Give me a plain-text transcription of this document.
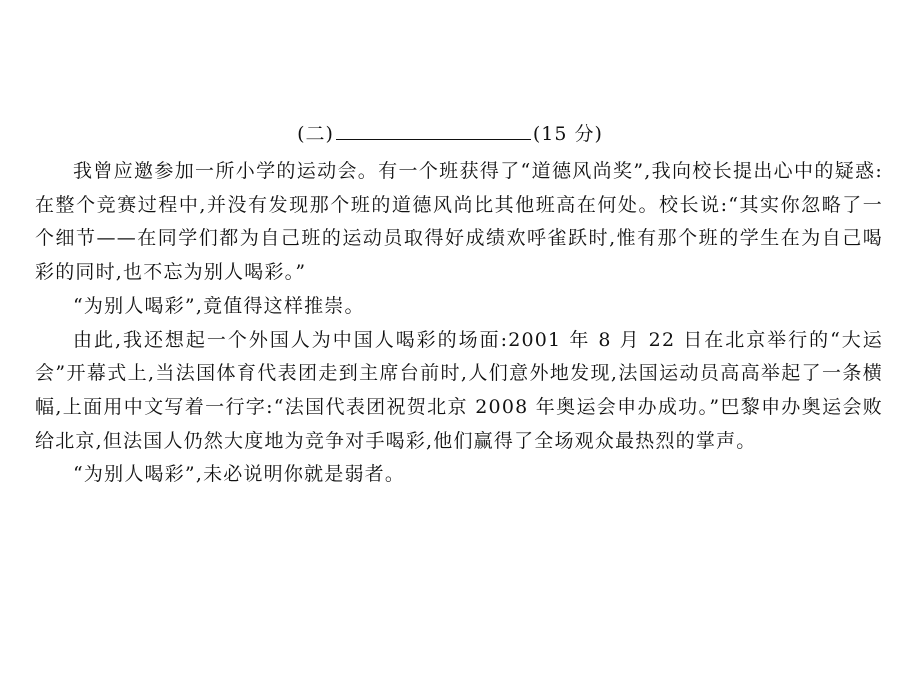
(二)	(15 分)

我曾应邀参加一所小学的运动会。有一个班获得了“道德风尚奖”,我向校长提出心中的疑惑:在整个竞赛过程中,并没有发现那个班的道德风尚比其他班高在何处。校长说:“其实你忽略了一个细节——在同学们都为自己班的运动员取得好成绩欢呼雀跃时,惟有那个班的学生在为自己喝彩的同时,也不忘为别人喝彩。”

“为别人喝彩”,竟值得这样推崇。

由此,我还想起一个外国人为中国人喝彩的场面:2001 年 8 月 22 日在北京举行的“大运会”开幕式上,当法国体育代表团走到主席台前时,人们意外地发现,法国运动员高高举起了一条横幅,上面用中文写着一行字:“法国代表团祝贺北京 2008 年奥运会申办成功。”巴黎申办奥运会败给北京,但法国人仍然大度地为竞争对手喝彩,他们赢得了全场观众最热烈的掌声。

“为别人喝彩”,未必说明你就是弱者。
